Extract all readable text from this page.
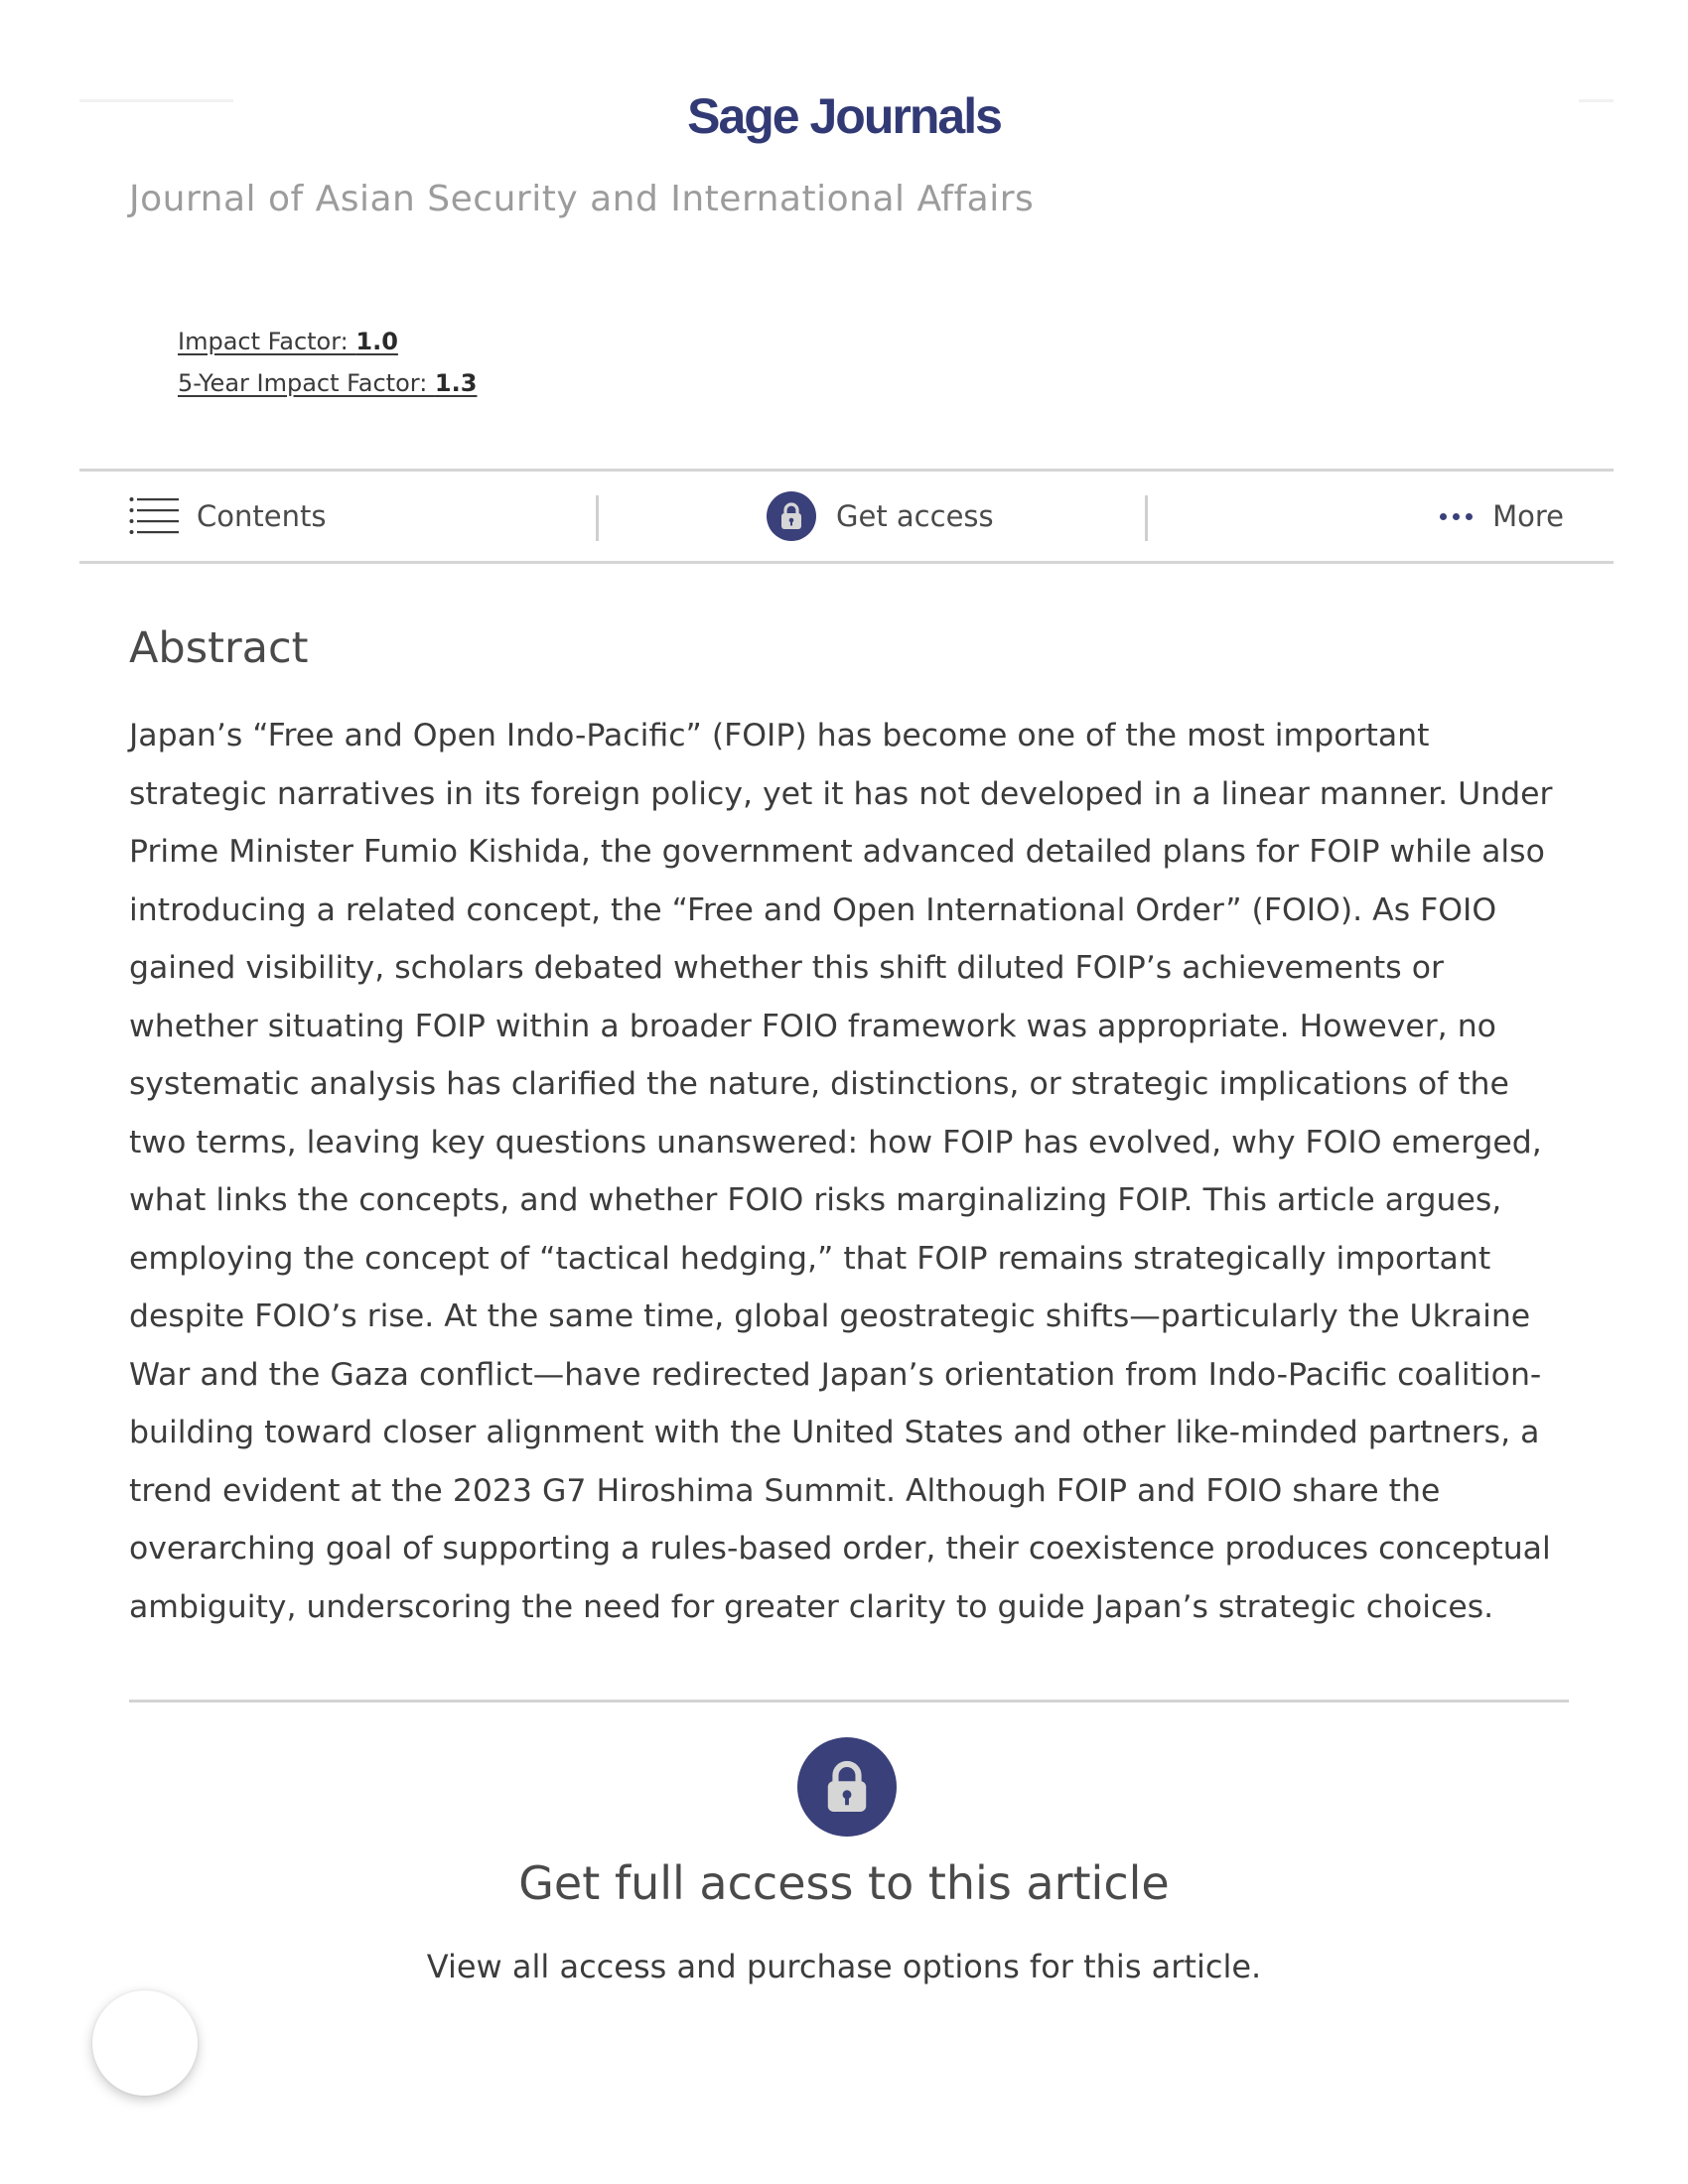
Sage Journals
Journal of Asian Security and International Affairs
Impact Factor: 1.0
5-Year Impact Factor: 1.3
Contents	Get access	More
Abstract

Japan’s “Free and Open Indo-Pacific” (FOIP) has become one of the most important strategic narratives in its foreign policy, yet it has not developed in a linear manner. Under Prime Minister Fumio Kishida, the government advanced detailed plans for FOIP while also introducing a related concept, the “Free and Open International Order” (FOIO). As FOIO gained visibility, scholars debated whether this shift diluted FOIP’s achievements or whether situating FOIP within a broader FOIO framework was appropriate. However, no systematic analysis has clarified the nature, distinctions, or strategic implications of the two terms, leaving key questions unanswered: how FOIP has evolved, why FOIO emerged, what links the concepts, and whether FOIO risks marginalizing FOIP. This article argues, employing the concept of “tactical hedging,” that FOIP remains strategically important despite FOIO’s rise. At the same time, global geostrategic shifts—particularly the Ukraine War and the Gaza conflict—have redirected Japan’s orientation from Indo-Pacific coalition-building toward closer alignment with the United States and other like-minded partners, a trend evident at the 2023 G7 Hiroshima Summit. Although FOIP and FOIO share the overarching goal of supporting a rules-based order, their coexistence produces conceptual ambiguity, underscoring the need for greater clarity to guide Japan’s strategic choices.

Get full access to this article

View all access and purchase options for this article.
